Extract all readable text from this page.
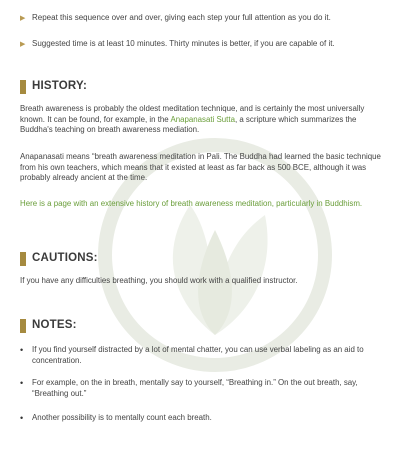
▶ Repeat this sequence over and over, giving each step your full attention as you do it.
▶ Suggested time is at least 10 minutes. Thirty minutes is better, if you are capable of it.
HISTORY:

Breath awareness is probably the oldest meditation technique, and is certainly the most universally known. It can be found, for example, in the Anapanasati Sutta, a scripture which summarizes the Buddha's teaching on breath awareness mediation.

Anapanasati means “breath awareness meditation in Pali. The Buddha had learned the basic technique from his own teachers, which means that it existed at least as far back as 500 BCE, although it was probably already ancient at the time.

Here is a page with an extensive history of breath awareness meditation, particularly in Buddhism.

CAUTIONS:

If you have any difficulties breathing, you should work with a qualified instructor.

NOTES:
•	If you find yourself distracted by a lot of mental chatter, you can use verbal labeling as an aid to concentration.
•	For example, on the in breath, mentally say to yourself, “Breathing in.” On the out breath, say, “Breathing out.”
•	Another possibility is to mentally count each breath.
